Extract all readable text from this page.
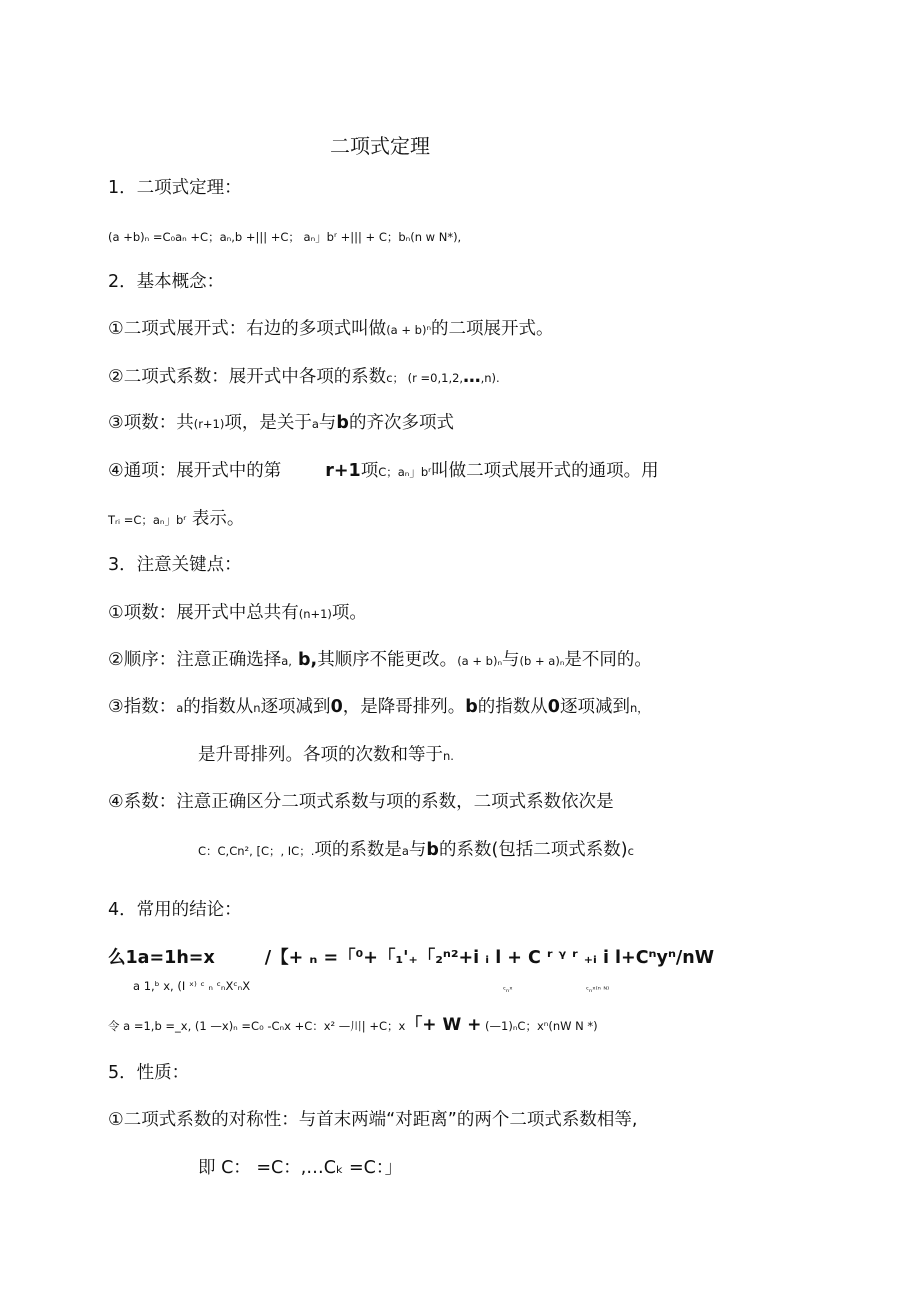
二项式定理
1．二项式定理：
(a +b)ₙ =C₀aₙ +C；aₙ,b +||| +C； aₙ」bʳ +||| + C；bₙ(n w N*),
2．基本概念：
①二项式展开式：右边的多项式叫做(a + b)ⁿ的二项展开式。
②二项式系数：展开式中各项的系数c； (r =0,1,2,…,n).
③项数：共(r+1)项，是关于a与b的齐次多项式
④通项：展开式中的第	r+1项C；aₙ」bʳ叫做二项式展开式的通项。用
Tᵣᵢ =C；aₙ」bʳ 表示。
3．注意关键点：
①项数：展开式中总共有(n+1)项。
②顺序：注意正确选择a, b,其顺序不能更改。(a + b)ₙ与(b + a)ₙ是不同的。
③指数：a的指数从n逐项减到0，是降哥排列。b的指数从0逐项减到n，
是升哥排列。各项的次数和等于n.
④系数：注意正确区分二项式系数与项的系数，二项式系数依次是
C：C,Cn², [C；, IC；.项的系数是a与b的系数(包括二项式系数)c
4．常用的结论：
么1a=1h=x	/【+ ₙ =「⁰+「₁'₊「₂ⁿ²+i ᵢ l + C ʳ ᵞ ʳ ₊ᵢ i l+Cⁿyⁿ/nW
a 1,ᵇ x, (I ˣ⁾ ᶜ ₙ ᶜₙXᶜₙX	ᶜₙˣ	ᶜₙˣ⁽ⁿ ᴺ⁾
令 a =1,b =_x, (1 —x)ₙ =C₀ -Cₙx +C：x² —川| +C；x「+ W + (—1)ₙC；xⁿ(nW N *)
5．性质：
①二项式系数的对称性：与首末两端“对距离”的两个二项式系数相等,
即 C： =C：,…Cₖ =C：」
